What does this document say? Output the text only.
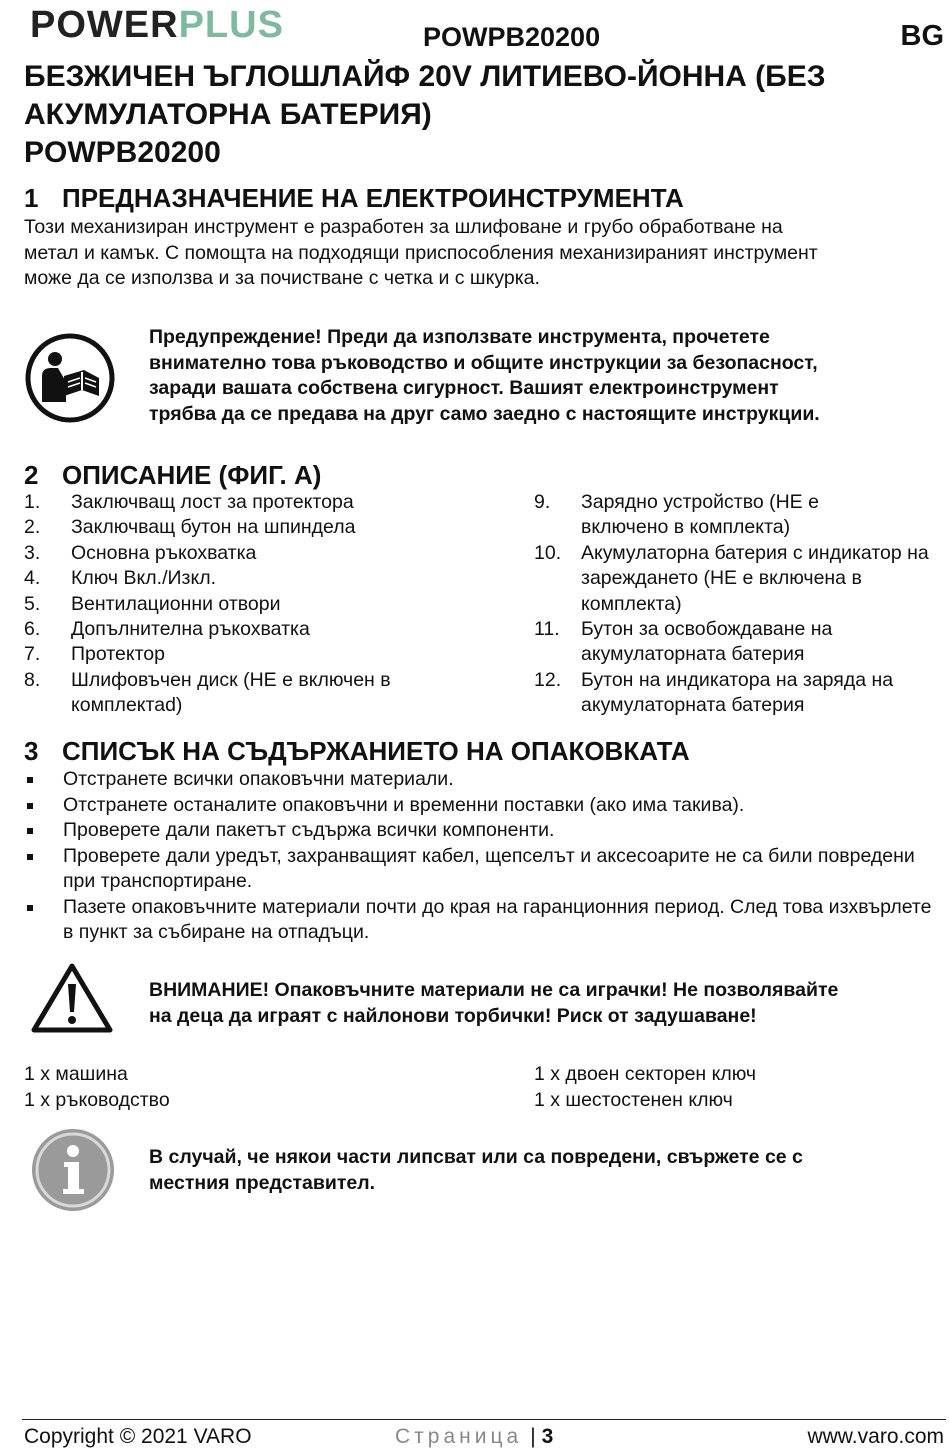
POWERPLUS	POWPB20200	BG
БЕЗЖИЧЕН ЪГЛОШЛАЙФ 20V ЛИТИЕВО-ЙОННА (БЕЗ
АКУМУЛАТОРНА БАТЕРИЯ)
POWPB20200
1 ПРЕДНАЗНАЧЕНИЕ НА ЕЛЕКТРОИНСТРУМЕНТА
Този механизиран инструмент е разработен за шлифоване и грубо обработване на
метал и камък. С помощта на подходящи приспособления механизираният инструмент
може да се използва и за почистване с четка и с шкурка.
Предупреждение! Преди да използвате инструмента, прочетете
внимателно това ръководство и общите инструкции за безопасност,
заради вашата собствена сигурност. Вашият електроинструмент
трябва да се предава на друг само заедно с настоящите инструкции.
2 ОПИСАНИЕ (ФИГ. A)
1. Заключващ лост за протектора
2. Заключващ бутон на шпиндела
3. Основна ръкохватка
4. Ключ Вкл./Изкл.
5. Вентилационни отвори
6. Допълнителна ръкохватка
7. Протектор
8. Шлифовъчен диск (НЕ е включен в комплектаd)
9. Зарядно устройство (НЕ е включено в комплекта)
10. Акумулаторна батерия с индикатор на зареждането (НЕ е включена в комплекта)
11. Бутон за освобождаване на акумулаторната батерия
12. Бутон на индикатора на заряда на акумулаторната батерия
3 СПИСЪК НА СЪДЪРЖАНИЕТО НА ОПАКОВКАТА
Отстранете всички опаковъчни материали.
Отстранете останалите опаковъчни и временни поставки (ако има такива).
Проверете дали пакетът съдържа всички компоненти.
Проверете дали уредът, захранващият кабел, щепселът и аксесоарите не са били повредени при транспортиране.
Пазете опаковъчните материали почти до края на гаранционния период. След това изхвърлете в пункт за събиране на отпадъци.
ВНИМАНИЕ! Опаковъчните материали не са играчки! Не позволявайте
на деца да играят с найлонови торбички! Риск от задушаване!
1 x машина
1 x ръководство
1 x двоен секторен ключ
1 x шестостенен ключ
В случай, че някои части липсват или са повредени, свържете се с
местния представител.
Copyright © 2021 VARO	Страница | 3	www.varo.com
